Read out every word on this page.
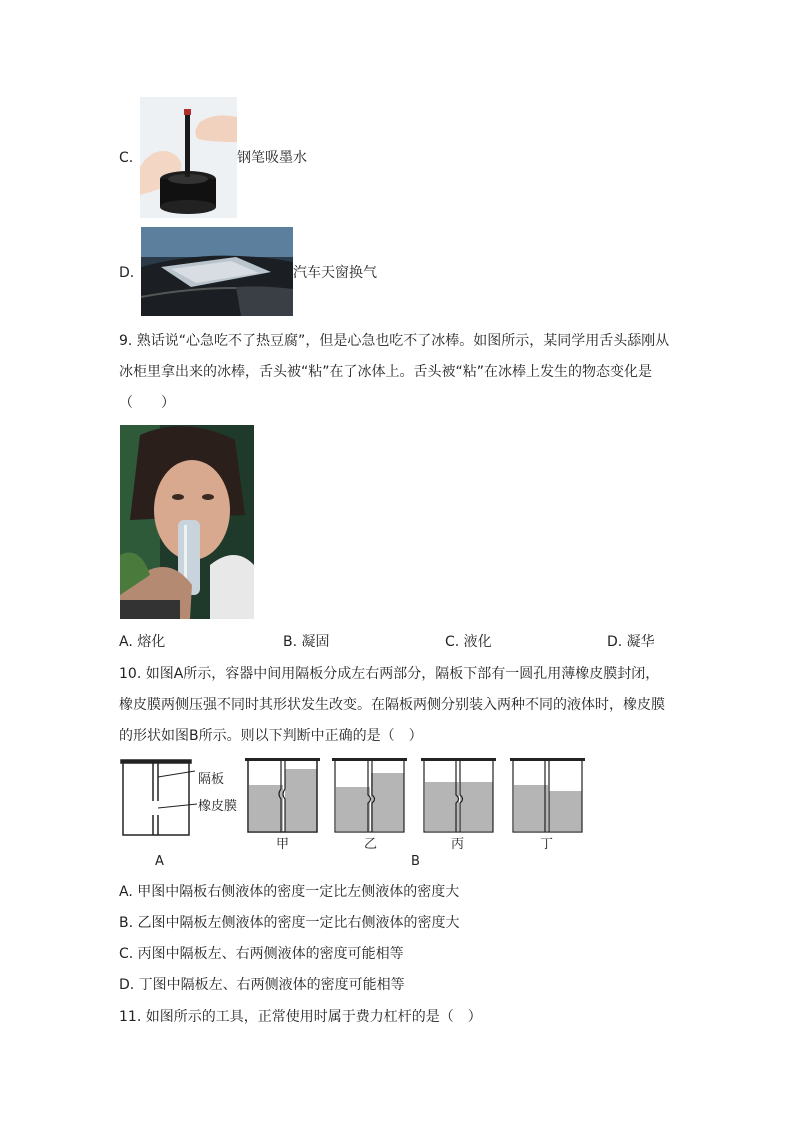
C.	钢笔吸墨水
D.	汽车天窗换气
9. 熟话说“心急吃不了热豆腐”，但是心急也吃不了冰棒。如图所示，某同学用舌头舔刚从
冰柜里拿出来的冰棒，舌头被“粘”在了冰体上。舌头被“粘”在冰棒上发生的物态变化是
（　　）
A. 熔化	B. 凝固	C. 液化	D. 凝华
10. 如图A所示，容器中间用隔板分成左右两部分，隔板下部有一圆孔用薄橡皮膜封闭，
橡皮膜两侧压强不同时其形状发生改变。在隔板两侧分别装入两种不同的液体时，橡皮膜
的形状如图B所示。则以下判断中正确的是（　）
隔板
橡皮膜
甲	乙	丙	丁
A	B
A. 甲图中隔板右侧液体的密度一定比左侧液体的密度大
B. 乙图中隔板左侧液体的密度一定比右侧液体的密度大
C. 丙图中隔板左、右两侧液体的密度可能相等
D. 丁图中隔板左、右两侧液体的密度可能相等
11. 如图所示的工具，正常使用时属于费力杠杆的是（　）
